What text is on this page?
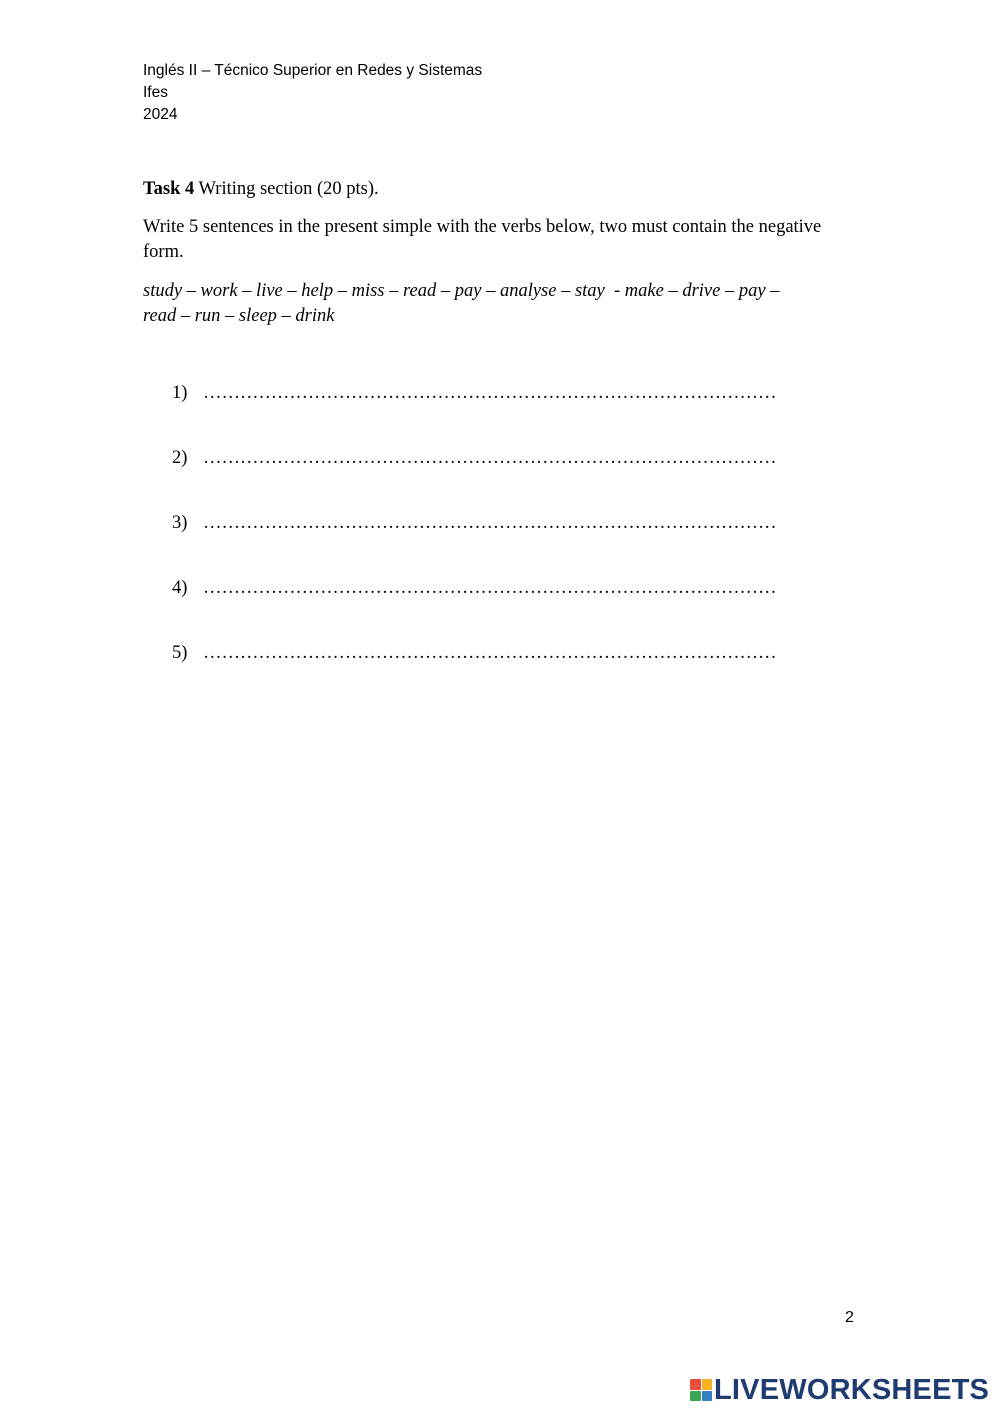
Inglés II – Técnico Superior en Redes y Sistemas
Ifes
2024
Task 4 Writing section (20 pts).
Write 5 sentences in the present simple with the verbs below, two must contain the negative form.
study – work – live – help – miss – read – pay – analyse – stay  - make – drive – pay –
read – run – sleep – drink
1) …………………………………………………………………………………
2) …………………………………………………………………………………
3) …………………………………………………………………………………
4) …………………………………………………………………………………
5) …………………………………………………………………………………
2
LIVEWORKSHEETS
